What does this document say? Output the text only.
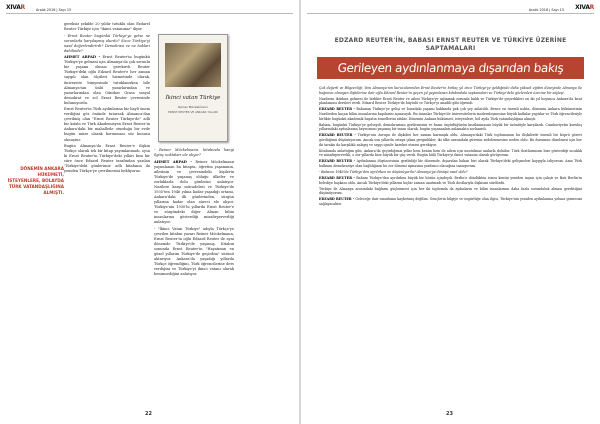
XIVAR	Aralık 2016 | Sayı 15

gereksiz şekilde 20 yıldır tutuklu olan Ezdarel Reuter Türkiye için "ikinci vatanımız" diyor.

- Ernst Reuter bugünkü Türkiye'ye gelse ne sorunlarla karşılaşmış olurdu? Sizce Türkiye'yi nasıl değerlendirirdi? Demokrasi ve ne hakları dahilinde?

AHMET ARPAD - Ernst Reuter'in bugünkü Türkiye'ye gelmesi için Almanya'da çok sorunlu bir yaşamı olması gerekirdi. Reuter Türkiye'deki oğlu Edzard Reuter'e her zaman saygılı olan ölçüleri hizmetinde olarak, üniversite bünyesinde tutuklanırken bile Almanya'nın ünlü yazarlarından ve yazarlarından olan Günther Grass sosyal demokrat ve sol Ernst Reuter çevresinde bulunuyordu.

Ernst Reuter'in Türk aydınlarına bir hayli önem verdiğini göz önünde tutarsak Almanca'dan çevrilmiş olan "Ernst Reuter Türkiye'de" adlı bir kitabı ve Türk Akademisyen Ernst Reuter'in Ankara'daki bir mahallede oturduğu bir evde bugün müze olarak korunması söz konusu olmuştur.

Bugün Almanya'da Ernst Reuter'e ilişkin Türkçe olarak tek bir kitap yayımlanmadı, oysa ki Ernst Reuter'in Türkiye'deki yılları kısa bir süre önce Edzard Reuter tarafından yazılan 'Türkiye'deki günlerimiz' adlı kitabının da yeniden Türkçe'ye çevrilmesini bekliyoruz.

DÖNEMİN ANKARA HÜKÜMETİ, İSTEYENLERE, BOLAYDA TÜRK VATANDAŞLIĞINA ALMIŞTI.
İkinci vatan Türkiye
Reiner Möckelmann
ERNST REUTER VE ANKARA YILLARI

- Reiner Möckelmann, kitabında hangi ilginç noktaları ele alıyor?

AHMET ARPAD - Reiner Möckelmann yayımlanan bu kitapta, öğretim yaşamının, ailesinin ve çevresindeki kişilerin Türkiye'de yaşamış olduğu ülkeler ve zorluklarla dolu günlerini anlatıyor. Nazilere karşı mücadelesi ve Türkiye'de 1935'ten 1946 yılına kadar yaşadığı ortamı, Ankara'daki ilk günlerinden, sürgün yıllarına kadar olan süreci ele alıyor. Türkiye'nin 1930'lu yıllarda Ernst Reuter'e ve sürgündeki diğer Alman bilim insanlarına gösterdiği misafirperverliği anlatıyor.

- "İkinci Vatan Türkiye" adıyla Türkçe'ye çevrilen kitabın yazarı Reiner Möckelmann, Ernst Reuter'in oğlu Edzard Reuter ile aynı dönemde Türkiye'de yaşamış. Kitabın sonunda Ernst Reuter'in "Hayatımın en güzel yıllarını Türkiye'de geçirdim" sözünü aktarıyor. Ankara'da yaşadığı yıllarda Türkçe öğrendiğini, Türk öğrencilerine ders verdiğini ve Türkiye'yi ikinci vatanı olarak benimsediğini anlatıyor.

22
Aralık 2016 | Sayı 15	XIVAR
EDZARD REUTER'İN, BABASI ERNST REUTER VE TÜRKİYE ÜZERİNE SAPTAMALARI
Gerileyen aydınlanmaya dışarıdan bakış

Çok değerli ve Bilgeevliği: Yeni Almanya'nın kurucularından Ernst Reuter'in birkaç yıl önce Türkiye'ye geldiğinde daha yüksek eğitim düzeyinde Almanya ile bağımsız olmayan ilişkilerine dair oğlu Edzard Reuter'in geçen yıl yayımlanan kitabındaki saptamaları ve Türkiye'deki gözlemleri üzerine bir söyleşi.

Nazilerin iktidara gelmesi ile birlikte Ernst Reuter ve ailesi Türkiye'ye sığınmak zorunda kaldı ve Türkiye'de geçirdikleri on iki yıl boyunca Ankara'da kent planlaması dersleri verdi. Edzard Reuter Türkiye'de büyüdü ve Türkçe'yi anadili gibi öğrendi.

EDZARD REUTER - Babamın Türkiye'ye gelişi ve buradaki yaşamı hakkında pek çok şey anlatıldı. Bence en önemli nokta, dönemin Ankara hükümetinin Nazilerden kaçan bilim insanlarına kapılarını açmasıydı. Bu insanlar Türkiye'de üniversitelerin modernleşmesine büyük katkılar yaptılar ve Türk öğrencileriyle birlikte bugünkü akademik hayatın temellerini attılar. Dönemin Ankara hükümeti, isteyenlere, bol ayda Türk vatandaşlığına almıştı.

Babam, bugünkü Türkiye'ye gelseydi, demokrasinin gerilemesini ve basın özgürlüğünün kısıtlanmasını büyük bir üzüntüyle karşılardı. Cumhuriyetin kuruluş yıllarındaki aydınlanma heyecanını yaşamış bir insan olarak, bugün yaşananları anlamakta zorlanırdı.

EDZARD REUTER - Türkiye'nin Avrupa ile ilişkileri her zaman karmaşık oldu. Almanya'daki Türk toplumunun bu ilişkilerde önemli bir köprü görevi gördüğünü düşünüyorum. Ancak son yıllarda ortaya çıkan gerginlikler, iki ülke arasındaki güvenin zedelenmesine neden oldu. Bu durumun düzelmesi için her iki tarafın da karşılıklı anlayış ve saygı içinde hareket etmesi gerekiyor.

Kitabımda anlattığım gibi, Ankara'da geçirdiğimiz yıllar hem benim hem de ailem için unutulmaz anılarla doludur. Türk dostlarımızın bize gösterdiği sıcaklık ve misafirperverlik, o zor yıllarda bize büyük bir güç verdi. Bugün hâlâ Türkiye'yi ikinci vatanım olarak görüyorum.

EDZARD REUTER - Aydınlanma düşüncesinin gerilediği bir dönemde, dışarıdan bakan biri olarak Türkiye'deki gelişmeleri kaygıyla izliyorum. Ama Türk halkının demokrasiye olan bağlılığının bu zor dönemi aşmasına yardımcı olacağına inanıyorum.

- Babanız 1946'da Türkiye'den ayrılırken ne düşünüyordu? Almanya'ya dönüşü nasıl oldu?

EDZARD REUTER - Babam Türkiye'den ayrılırken büyük bir hüzün içindeydi. Berlin'e döndükten sonra kentin yeniden inşası için çalıştı ve Batı Berlin'in belediye başkanı oldu. Ancak Türkiye'deki yıllarını hiçbir zaman unutmadı ve Türk dostlarıyla ilişkisini sürdürdü.

Türkiye ile Almanya arasındaki bağların güçlenmesi için her iki toplumda da aydınların ve bilim insanlarının daha fazla sorumluluk alması gerektiğini düşünüyorum.

EDZARD REUTER - Geleceğe dair umudumu kaybetmiş değilim. Gençlerin bilgiye ve özgürlüğe olan ilgisi, Türkiye'nin yeniden aydınlanma yoluna girmesini sağlayacaktır.

23
